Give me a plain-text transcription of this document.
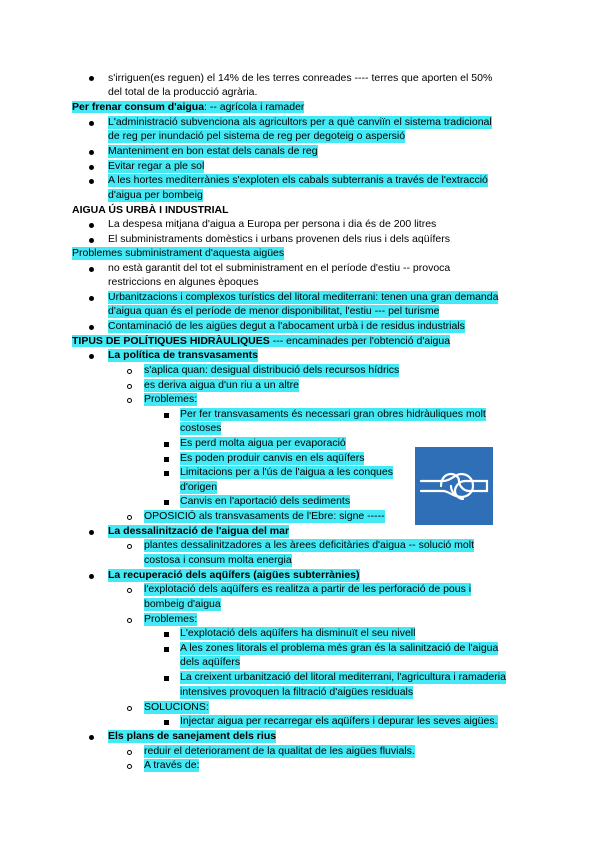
s'irriguen(es reguen) el 14% de les terres conreades ---- terres que aporten el 50%
del total de la producció agrària.
Per frenar consum d'aigua: -- agrícola i ramader
L'administració subvenciona als agricultors per a què canviïn el sistema tradicional
de reg per inundació pel sistema de reg per degoteig o aspersió
Manteniment en bon estat dels canals de reg
Evitar regar a ple sol
A les hortes mediterrànies s'exploten els cabals subterranis a través de l'extracció
d'aigua per bombeig
AIGUA ÚS URBÀ I INDUSTRIAL
La despesa mitjana d'aigua a Europa per persona i dia és de 200 litres
El subministraments domèstics i urbans provenen dels rius i dels aqüífers
Problemes subministrament d'aquesta aigües
no està garantit del tot el subministrament en el període d'estiu -- provoca
restriccions en algunes èpoques
Urbanitzacions i complexos turístics del litoral mediterrani: tenen una gran demanda
d'aigua quan és el període de menor disponibilitat, l'estiu --- pel turisme
Contaminació de les aigües degut a l'abocament urbà i de residus industrials
TIPUS DE POLÍTIQUES HIDRÀULIQUES --- encaminades per l'obtenció d'aigua
La política de transvasaments
s'aplica quan: desigual distribució dels recursos hídrics
es deriva aigua d'un riu a un altre
Problemes:
Per fer transvasaments és necessari gran obres hidràuliques molt
costoses
Es perd molta aigua per evaporació
Es poden produir canvis en els aqüífers
Limitacions per a l'ús de l'aigua a les conques
d'origen
Canvis en l'aportació dels sediments
OPOSICIÓ als transvasaments de l'Ebre: signe -----
La dessalinització de l'aigua del mar
plantes dessalinitzadores a les àrees deficitàries d'aigua -- solució molt
costosa i consum molta energia
La recuperació dels aqüífers (aigües subterrànies)
l'explotació dels aqüífers es realitza a partir de les perforació de pous i
bombeig d'aigua
Problemes:
L'explotació dels aqüífers ha disminuït el seu nivell
A les zones litorals el problema més gran és la salinització de l'aigua
dels aqüífers
La creixent urbanització del litoral mediterrani, l'agricultura i ramaderia
intensives provoquen la filtració d'aigües residuals
SOLUCIONS:
Injectar aigua per recarregar els aqüífers i depurar les seves aigües.
Els plans de sanejament dels rius
reduir el deteriorament de la qualitat de les aigües fluvials.
A través de:
